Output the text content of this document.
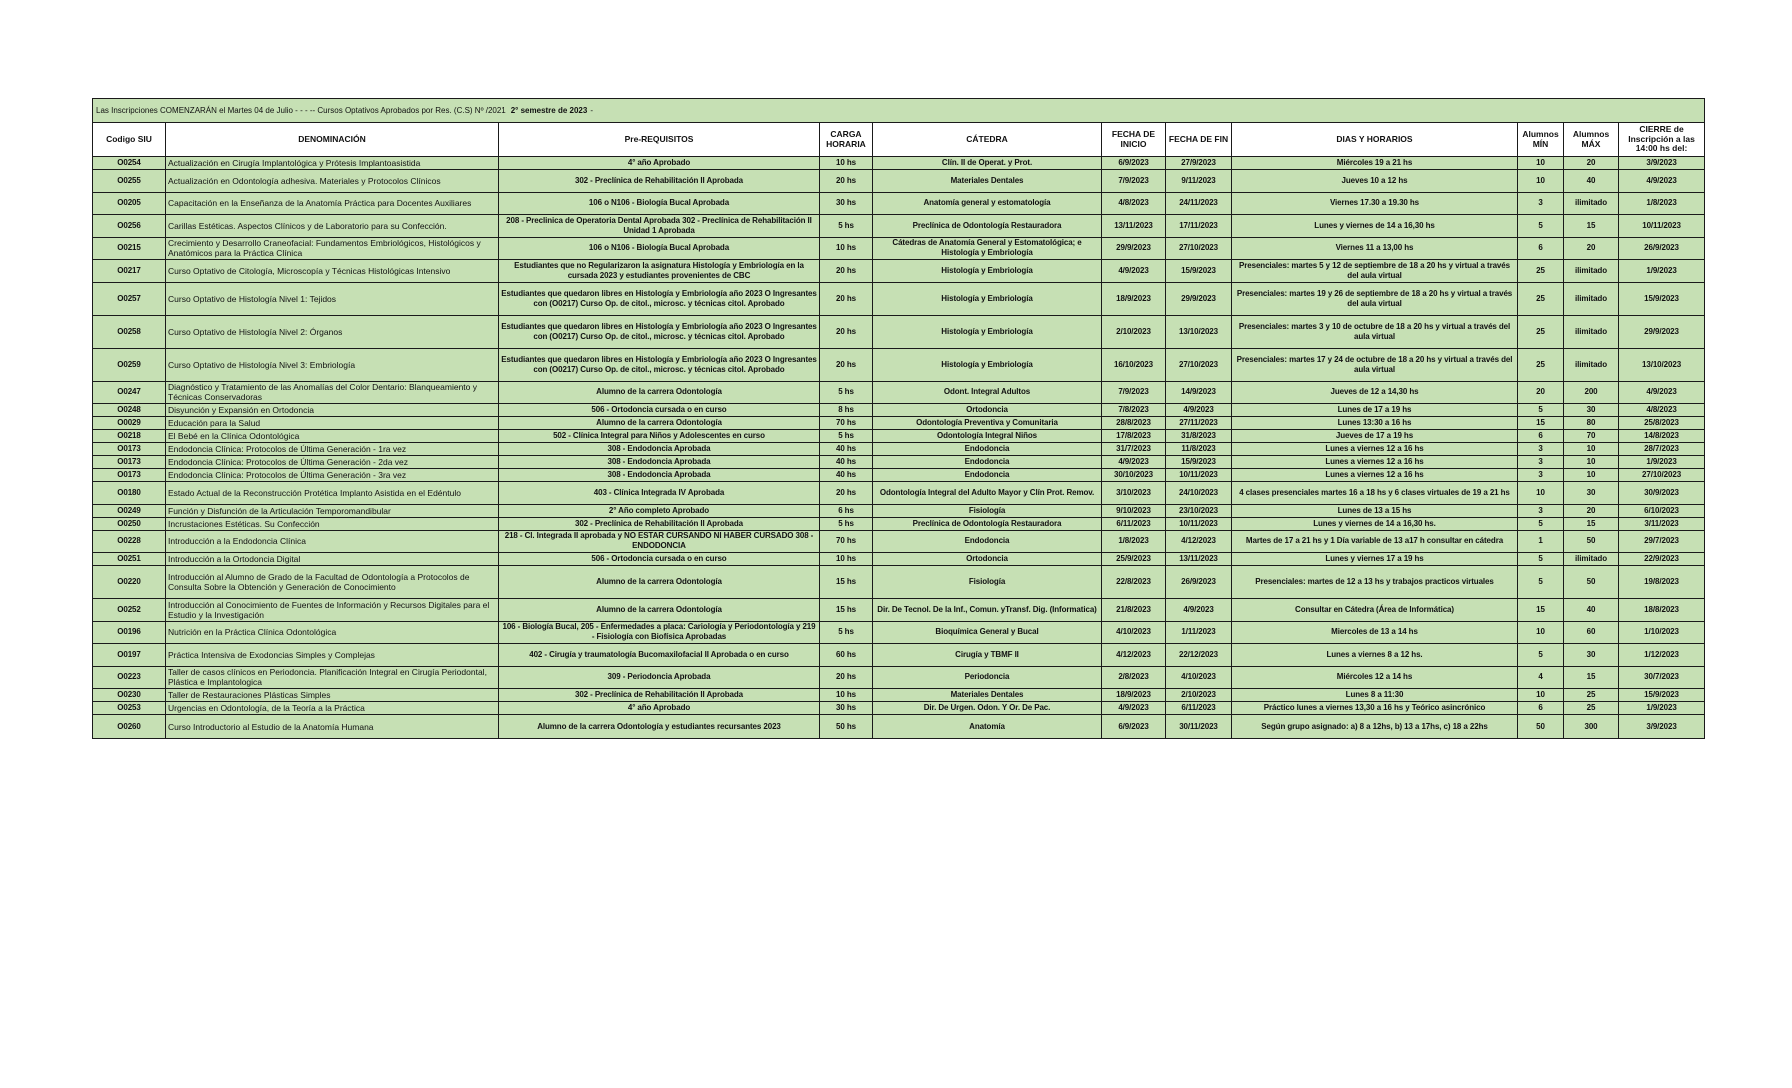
Las Inscripciones COMENZARÁN el Martes 04 de Julio - - - -- Cursos Optativos Aprobados por Res. (C.S) Nº /2021 2° semestre de 2023 -										

Codigo SIU	DENOMINACIÓN	Pre-REQUISITOS	CARGA HORARIA	CÁTEDRA	FECHA DE INICIO	FECHA DE FIN	DIAS Y HORARIOS	Alumnos MÍN	Alumnos MÁX	CIERRE de Inscripción a las 14:00 hs del:

O0254	Actualización en Cirugía Implantológica y Prótesis Implantoasistida	4° año Aprobado	10 hs	Clín. II de Operat. y Prot.	6/9/2023	27/9/2023	Miércoles 19 a 21 hs	10	20	3/9/2023

O0255	Actualización en Odontología adhesiva. Materiales y Protocolos Clínicos	302 - Preclínica de Rehabilitación II Aprobada	20 hs	Materiales Dentales	7/9/2023	9/11/2023	Jueves 10 a 12 hs	10	40	4/9/2023

O0205	Capacitación en la Enseñanza de la Anatomía Práctica para Docentes Auxiliares	106 o N106 - Biología Bucal Aprobada	30 hs	Anatomía general y estomatología	4/8/2023	24/11/2023	Viernes 17.30 a 19.30 hs	3	ilimitado	1/8/2023

O0256	Carillas Estéticas. Aspectos Clínicos y de Laboratorio para su Confección.	208 - Preclinica de Operatoria Dental Aprobada 302 - Preclínica de Rehabilitación II Unidad 1 Aprobada	5 hs	Preclínica de Odontología Restauradora	13/11/2023	17/11/2023	Lunes y viernes de 14 a 16,30 hs	5	15	10/11/2023

O0215	Crecimiento y Desarrollo Craneofacial: Fundamentos Embriológicos, Histológicos y Anatómicos para la Práctica Clínica	106 o N106 - Biología Bucal Aprobada	10 hs	Cátedras de Anatomía General y Estomatológica; e Histología y Embriología	29/9/2023	27/10/2023	Viernes 11 a 13,00 hs	6	20	26/9/2023

O0217	Curso Optativo de Citología, Microscopía y Técnicas Histológicas Intensivo	Estudiantes que no Regularizaron la asignatura Histología y Embriología en la cursada 2023 y estudiantes provenientes de CBC	20 hs	Histología y Embriología	4/9/2023	15/9/2023	Presenciales: martes 5 y 12 de septiembre de 18 a 20 hs y virtual a través del aula virtual	25	ilimitado	1/9/2023

O0257	Curso Optativo de Histología Nivel 1: Tejidos	Estudiantes que quedaron libres en Histología y Embriología año 2023 O Ingresantes con (O0217) Curso Op. de citol., microsc. y técnicas citol. Aprobado	20 hs	Histología y Embriología	18/9/2023	29/9/2023	Presenciales: martes 19 y 26 de septiembre de 18 a 20 hs y virtual a través del aula virtual	25	ilimitado	15/9/2023

O0258	Curso Optativo de Histología Nivel 2: Órganos	Estudiantes que quedaron libres en Histología y Embriología año 2023 O Ingresantes con (O0217) Curso Op. de citol., microsc. y técnicas citol. Aprobado	20 hs	Histología y Embriología	2/10/2023	13/10/2023	Presenciales: martes 3 y 10 de octubre de 18 a 20 hs y virtual a través del aula virtual	25	ilimitado	29/9/2023

O0259	Curso Optativo de Histología Nivel 3: Embriología	Estudiantes que quedaron libres en Histología y Embriología año 2023 O Ingresantes con (O0217) Curso Op. de citol., microsc. y técnicas citol. Aprobado	20 hs	Histología y Embriología	16/10/2023	27/10/2023	Presenciales: martes 17 y 24 de octubre de 18 a 20 hs y virtual a través del aula virtual	25	ilimitado	13/10/2023

O0247	Diagnóstico y Tratamiento de las Anomalías del Color Dentario: Blanqueamiento y Técnicas Conservadoras	Alumno de la carrera Odontología	5 hs	Odont. Integral Adultos	7/9/2023	14/9/2023	Jueves de 12 a 14,30 hs	20	200	4/9/2023

O0248	Disyunción y Expansión en Ortodoncia	506 - Ortodoncia cursada o en curso	8 hs	Ortodoncia	7/8/2023	4/9/2023	Lunes de 17 a 19 hs	5	30	4/8/2023

O0029	Educación para la Salud	Alumno de la carrera Odontología	70 hs	Odontología Preventiva y Comunitaria	28/8/2023	27/11/2023	Lunes 13:30 a 16 hs	15	80	25/8/2023

O0218	El Bebé en la Clínica Odontológica	502 - Clínica Integral para Niños y Adolescentes en curso	5 hs	Odontología Integral Niños	17/8/2023	31/8/2023	Jueves de 17 a 19 hs	6	70	14/8/2023

O0173	Endodoncia Clínica: Protocolos de Última Generación - 1ra vez	308 - Endodoncia Aprobada	40 hs	Endodoncia	31/7/2023	11/8/2023	Lunes a viernes 12 a 16 hs	3	10	28/7/2023

O0173	Endodoncia Clínica: Protocolos de Última Generación - 2da vez	308 - Endodoncia Aprobada	40 hs	Endodoncia	4/9/2023	15/9/2023	Lunes a viernes 12 a 16 hs	3	10	1/9/2023

O0173	Endodoncia Clínica: Protocolos de Última Generación - 3ra vez	308 - Endodoncia Aprobada	40 hs	Endodoncia	30/10/2023	10/11/2023	Lunes a viernes 12 a 16 hs	3	10	27/10/2023

O0180	Estado Actual de la Reconstrucción Protética Implanto Asistida en el Edéntulo	403 - Clínica Integrada IV Aprobada	20 hs	Odontología Integral del Adulto Mayor y Clín Prot. Remov.	3/10/2023	24/10/2023	4 clases presenciales martes 16 a 18 hs y 6 clases virtuales de 19 a 21 hs	10	30	30/9/2023

O0249	Función y Disfunción de la Articulación Temporomandibular	2° Año completo Aprobado	6 hs	Fisiología	9/10/2023	23/10/2023	Lunes de 13 a 15 hs	3	20	6/10/2023

O0250	Incrustaciones Estéticas. Su Confección	302 - Preclínica de Rehabilitación II Aprobada	5 hs	Preclínica de Odontología Restauradora	6/11/2023	10/11/2023	Lunes y viernes de 14 a 16,30 hs.	5	15	3/11/2023

O0228	Introducción a la Endodoncia Clínica	218 - Cl. Integrada II aprobada y NO ESTAR CURSANDO NI HABER CURSADO 308 - ENDODONCIA	70 hs	Endodoncia	1/8/2023	4/12/2023	Martes de 17 a 21 hs y 1 Día variable de 13 a17 h consultar en cátedra	1	50	29/7/2023

O0251	Introducción a la Ortodoncia Digital	506 - Ortodoncia cursada o en curso	10 hs	Ortodoncia	25/9/2023	13/11/2023	Lunes y viernes 17 a 19 hs	5	ilimitado	22/9/2023

O0220	Introducción al Alumno de Grado de la Facultad de Odontología a Protocolos de Consulta Sobre la Obtención y Generación de Conocimiento	Alumno de la carrera Odontología	15 hs	Fisiología	22/8/2023	26/9/2023	Presenciales: martes de 12 a 13 hs y trabajos practicos virtuales	5	50	19/8/2023

O0252	Introducción al Conocimiento de Fuentes de Información y Recursos Digitales para el Estudio y la Investigación	Alumno de la carrera Odontología	15 hs	Dir. De Tecnol. De la Inf., Comun. yTransf. Dig. (Informatica)	21/8/2023	4/9/2023	Consultar en Cátedra (Área de Informática)	15	40	18/8/2023

O0196	Nutrición en la Práctica Clínica Odontológica	106 - Biología Bucal, 205 - Enfermedades a placa: Cariología y Periodontología y 219 - Fisiología con Biofísica Aprobadas	5 hs	Bioquímica General y Bucal	4/10/2023	1/11/2023	Miercoles de 13 a 14 hs	10	60	1/10/2023

O0197	Práctica Intensiva de Exodoncias Simples y Complejas	402 - Cirugía y traumatología Bucomaxilofacial II Aprobada o en curso	60 hs	Cirugía y TBMF II	4/12/2023	22/12/2023	Lunes a viernes 8 a 12 hs.	5	30	1/12/2023

O0223	Taller de casos clínicos en Periodoncia. Planificación Integral en Cirugía Periodontal, Plástica e Implantologica	309 - Periodoncia Aprobada	20 hs	Periodoncia	2/8/2023	4/10/2023	Miércoles 12 a 14 hs	4	15	30/7/2023

O0230	Taller de Restauraciones Plásticas Simples	302 - Preclínica de Rehabilitación II Aprobada	10 hs	Materiales Dentales	18/9/2023	2/10/2023	Lunes 8 a 11:30	10	25	15/9/2023

O0253	Urgencias en Odontología, de la Teoría a la Práctica	4° año Aprobado	30 hs	Dir. De Urgen. Odon. Y Or. De Pac.	4/9/2023	6/11/2023	Práctico lunes a viernes 13,30 a 16 hs y Teórico asincrónico	6	25	1/9/2023

O0260	Curso Introductorio al Estudio de la Anatomía Humana	Alumno de la carrera Odontología y estudiantes recursantes 2023	50 hs	Anatomía	6/9/2023	30/11/2023	Según grupo asignado: a) 8 a 12hs, b) 13 a 17hs, c) 18 a 22hs	50	300	3/9/2023
